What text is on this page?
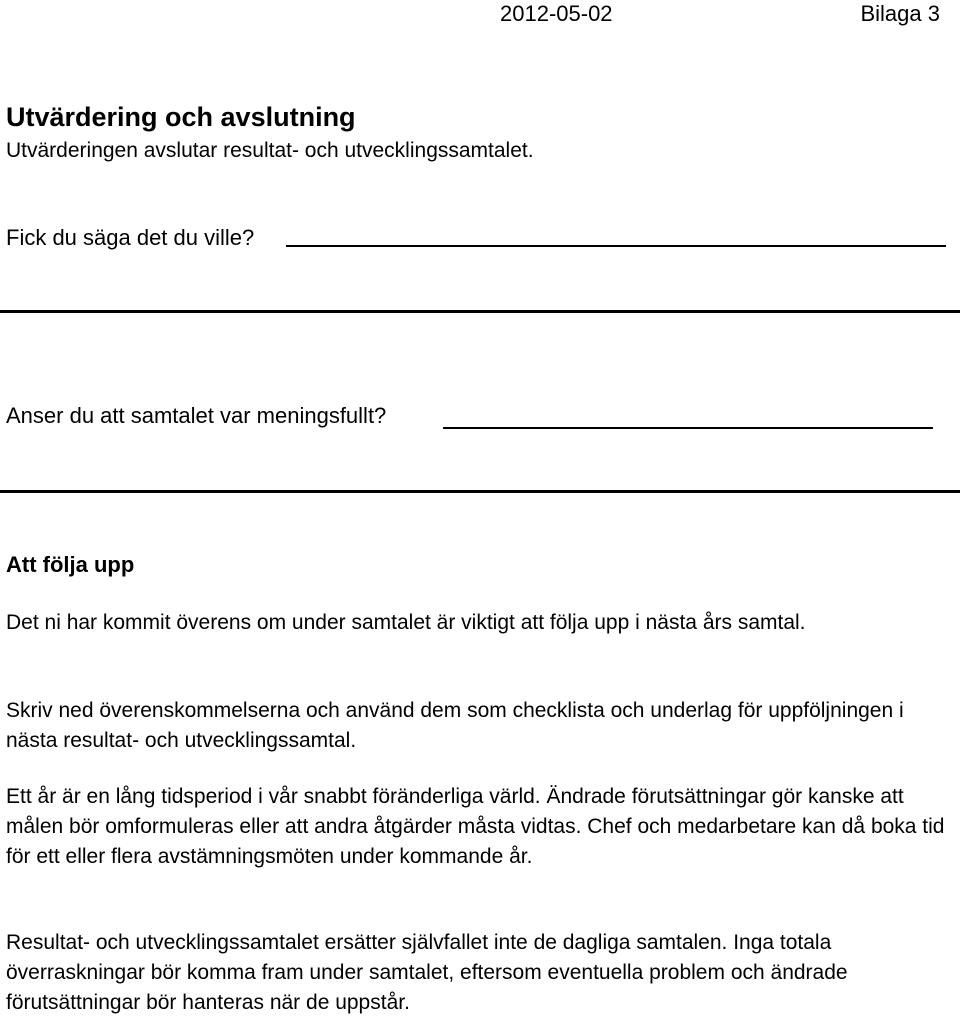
2012-05-02	Bilaga 3
Utvärdering och avslutning
Utvärderingen avslutar resultat- och utvecklingssamtalet.
Fick du säga det du ville?
Anser du att samtalet var meningsfullt?
Att följa upp
Det ni har kommit överens om under samtalet är viktigt att följa upp i nästa års samtal.
Skriv ned överenskommelserna och använd dem som checklista och underlag för uppföljningen i nästa resultat- och utvecklingssamtal.
Ett år är en lång tidsperiod i vår snabbt föränderliga värld. Ändrade förutsättningar gör kanske att målen bör omformuleras eller att andra åtgärder måsta vidtas. Chef och medarbetare kan då boka tid för ett eller flera avstämningsmöten under kommande år.
Resultat- och utvecklingssamtalet ersätter självfallet inte de dagliga samtalen. Inga totala överraskningar bör komma fram under samtalet, eftersom eventuella problem och ändrade förutsättningar bör hanteras när de uppstår.
